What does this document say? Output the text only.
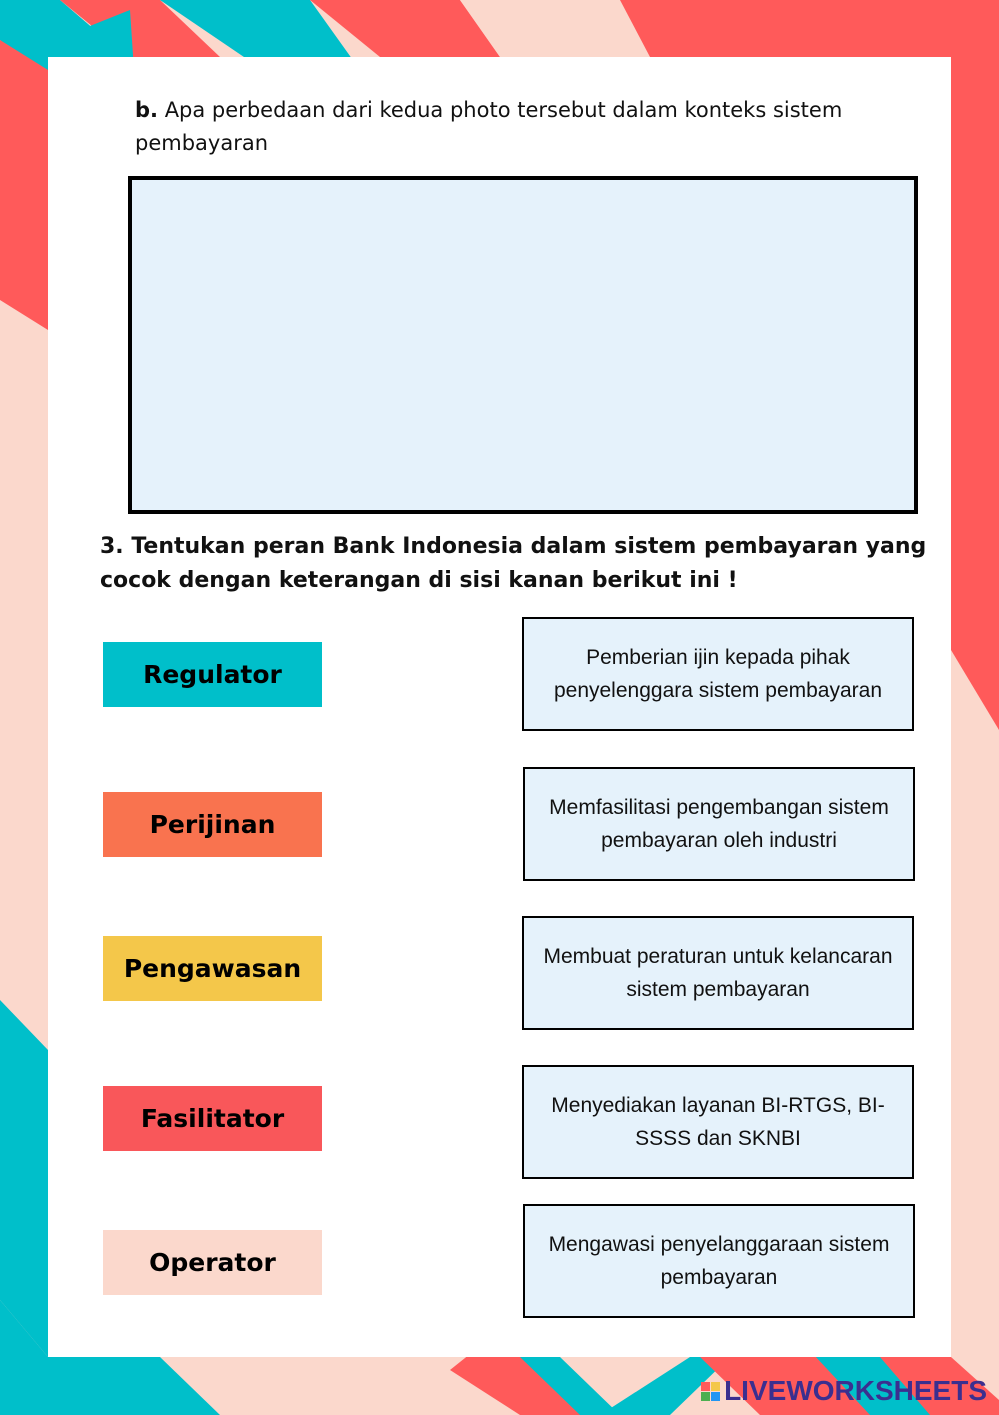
b. Apa perbedaan dari kedua photo tersebut dalam konteks sistem pembayaran
3. Tentukan peran Bank Indonesia dalam sistem pembayaran yang cocok dengan keterangan di sisi kanan berikut ini !
Regulator
Perijinan
Pengawasan
Fasilitator
Operator
Pemberian ijin kepada pihak penyelenggara sistem pembayaran
Memfasilitasi pengembangan sistem pembayaran oleh industri
Membuat peraturan untuk kelancaran sistem pembayaran
Menyediakan layanan BI-RTGS, BI-SSSS dan SKNBI
Mengawasi penyelanggaraan sistem pembayaran
LIVEWORKSHEETS
